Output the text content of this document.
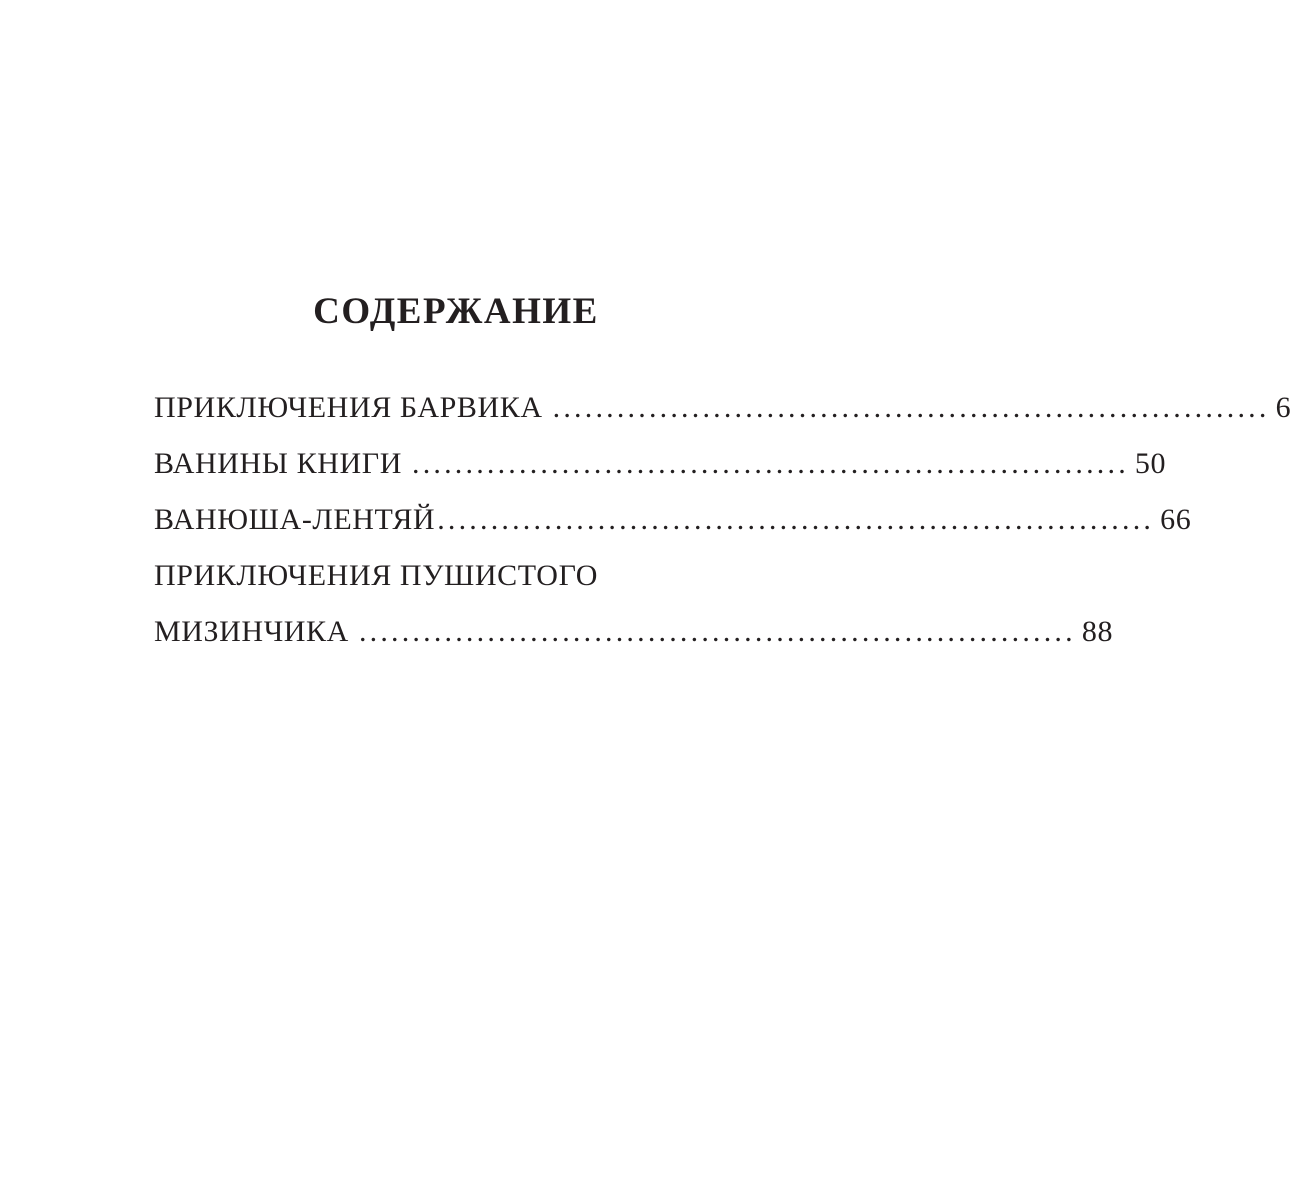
СОДЕРЖАНИЕ
ПРИКЛЮЧЕНИЯ БАРВИКА ................................................................... 6
ВАНИНЫ КНИГИ ................................................................... 50
ВАНЮША-ЛЕНТЯЙ ................................................................... 66
ПРИКЛЮЧЕНИЯ ПУШИСТОГО
МИЗИНЧИКА ................................................................... 88
